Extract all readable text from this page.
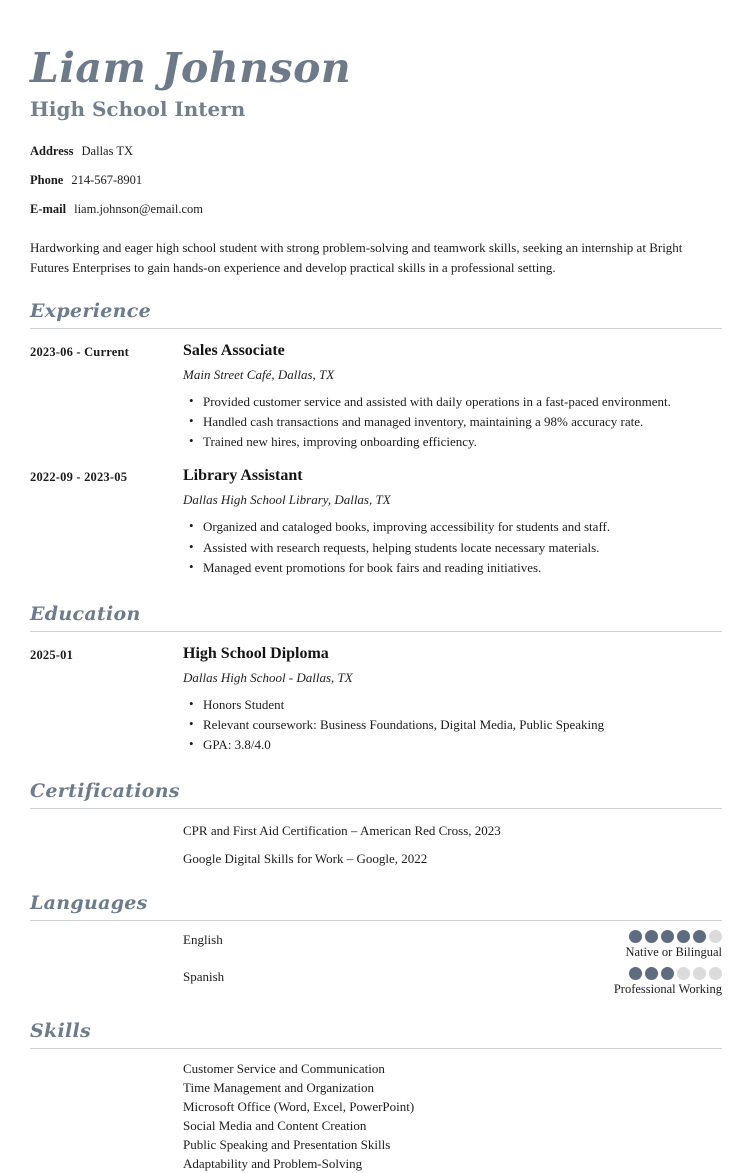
Liam Johnson
High School Intern
Address Dallas TX
Phone 214-567-8901
E-mail liam.johnson@email.com

Hardworking and eager high school student with strong problem-solving and teamwork skills, seeking an internship at Bright Futures Enterprises to gain hands-on experience and develop practical skills in a professional setting.

Experience
2023-06 - Current	Sales Associate
Main Street Café, Dallas, TX
• Provided customer service and assisted with daily operations in a fast-paced environment.
• Handled cash transactions and managed inventory, maintaining a 98% accuracy rate.
• Trained new hires, improving onboarding efficiency.
2022-09 - 2023-05	Library Assistant
Dallas High School Library, Dallas, TX
• Organized and cataloged books, improving accessibility for students and staff.
• Assisted with research requests, helping students locate necessary materials.
• Managed event promotions for book fairs and reading initiatives.
Education
2025-01	High School Diploma
Dallas High School - Dallas, TX
• Honors Student
• Relevant coursework: Business Foundations, Digital Media, Public Speaking
• GPA: 3.8/4.0
Certifications
CPR and First Aid Certification – American Red Cross, 2023
Google Digital Skills for Work – Google, 2022
Languages
English
Native or Bilingual
Spanish
Professional Working
Skills
Customer Service and Communication
Time Management and Organization
Microsoft Office (Word, Excel, PowerPoint)
Social Media and Content Creation
Public Speaking and Presentation Skills
Adaptability and Problem-Solving
